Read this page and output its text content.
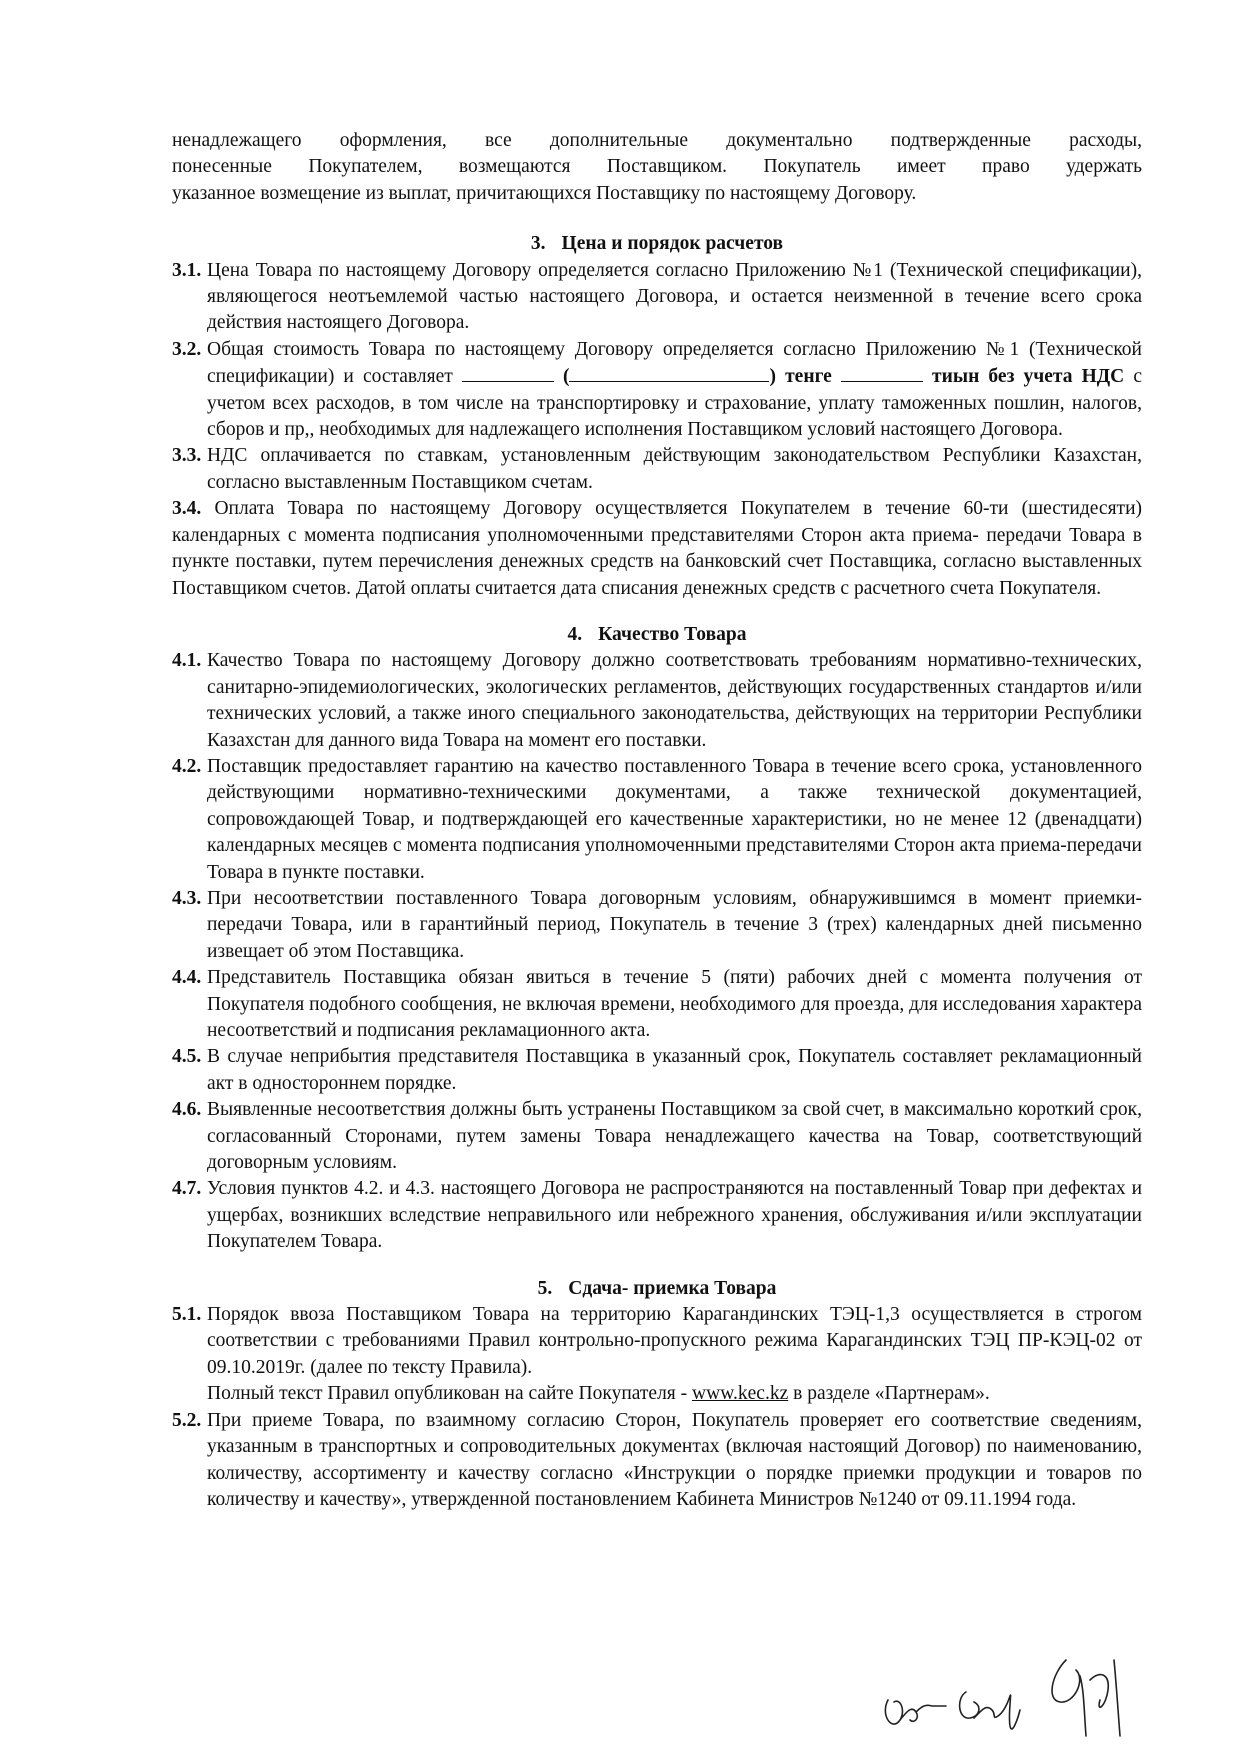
ненадлежащего оформления, все дополнительные документально подтвержденные расходы,

понесенные Покупателем, возмещаются Поставщиком. Покупатель имеет право удержать

указанное возмещение из выплат, причитающихся Поставщику по настоящему Договору.

3. Цена и порядок расчетов
3.1. Цена Товара по настоящему Договору определяется согласно Приложению №1 (Технической спецификации), являющегося неотъемлемой частью настоящего Договора, и остается неизменной в течение всего срока действия настоящего Договора.
3.2. Общая стоимость Товара по настоящему Договору определяется согласно Приложению №1 (Технической спецификации) и составляет	(	) тенге	тиын без учета НДС с учетом всех расходов, в том числе на транспортировку и страхование, уплату таможенных пошлин, налогов, сборов и пр,, необходимых для надлежащего исполнения Поставщиком условий настоящего Договора.
3.3. НДС оплачивается по ставкам, установленным действующим законодательством Республики Казахстан, согласно выставленным Поставщиком счетам.

3.4. Оплата Товара по настоящему Договору осуществляется Покупателем в течение 60-ти (шестидесяти) календарных с момента подписания уполномоченными представителями Сторон акта приема- передачи Товара в пункте поставки, путем перечисления денежных средств на банковский счет Поставщика, согласно выставленных Поставщиком счетов. Датой оплаты считается дата списания денежных средств с расчетного счета Покупателя.

4. Качество Товара
4.1. Качество Товара по настоящему Договору должно соответствовать требованиям нормативно-технических, санитарно-эпидемиологических, экологических регламентов, действующих государственных стандартов и/или технических условий, а также иного специального законодательства, действующих на территории Республики Казахстан для данного вида Товара на момент его поставки.
4.2. Поставщик предоставляет гарантию на качество поставленного Товара в течение всего срока, установленного действующими нормативно-техническими документами, а также технической документацией, сопровождающей Товар, и подтверждающей его качественные характеристики, но не менее 12 (двенадцати) календарных месяцев с момента подписания уполномоченными представителями Сторон акта приема-передачи Товара в пункте поставки.
4.3. При несоответствии поставленного Товара договорным условиям, обнаружившимся в момент приемки-передачи Товара, или в гарантийный период, Покупатель в течение 3 (трех) календарных дней письменно извещает об этом Поставщика.
4.4. Представитель Поставщика обязан явиться в течение 5 (пяти) рабочих дней с момента получения от Покупателя подобного сообщения, не включая времени, необходимого для проезда, для исследования характера несоответствий и подписания рекламационного акта.
4.5. В случае неприбытия представителя Поставщика в указанный срок, Покупатель составляет рекламационный акт в одностороннем порядке.
4.6. Выявленные несоответствия должны быть устранены Поставщиком за свой счет, в максимально короткий срок, согласованный Сторонами, путем замены Товара ненадлежащего качества на Товар, соответствующий договорным условиям.
4.7. Условия пунктов 4.2. и 4.3. настоящего Договора не распространяются на поставленный Товар при дефектах и ущербах, возникших вследствие неправильного или небрежного хранения, обслуживания и/или эксплуатации Покупателем Товара.
5. Сдача- приемка Товара
5.1. Порядок ввоза Поставщиком Товара на территорию Карагандинских ТЭЦ-1,3 осуществляется в строгом соответствии с требованиями Правил контрольно-пропускного режима Карагандинских ТЭЦ ПР-КЭЦ-02 от 09.10.2019г. (далее по тексту Правила).
Полный текст Правил опубликован на сайте Покупателя - www.kec.kz в разделе «Партнерам».
5.2. При приеме Товара, по взаимному согласию Сторон, Покупатель проверяет его соответствие сведениям, указанным в транспортных и сопроводительных документах (включая настоящий Договор) по наименованию, количеству, ассортименту и качеству согласно «Инструкции о порядке приемки продукции и товаров по количеству и качеству», утвержденной постановлением Кабинета Министров №1240 от 09.11.1994 года.
